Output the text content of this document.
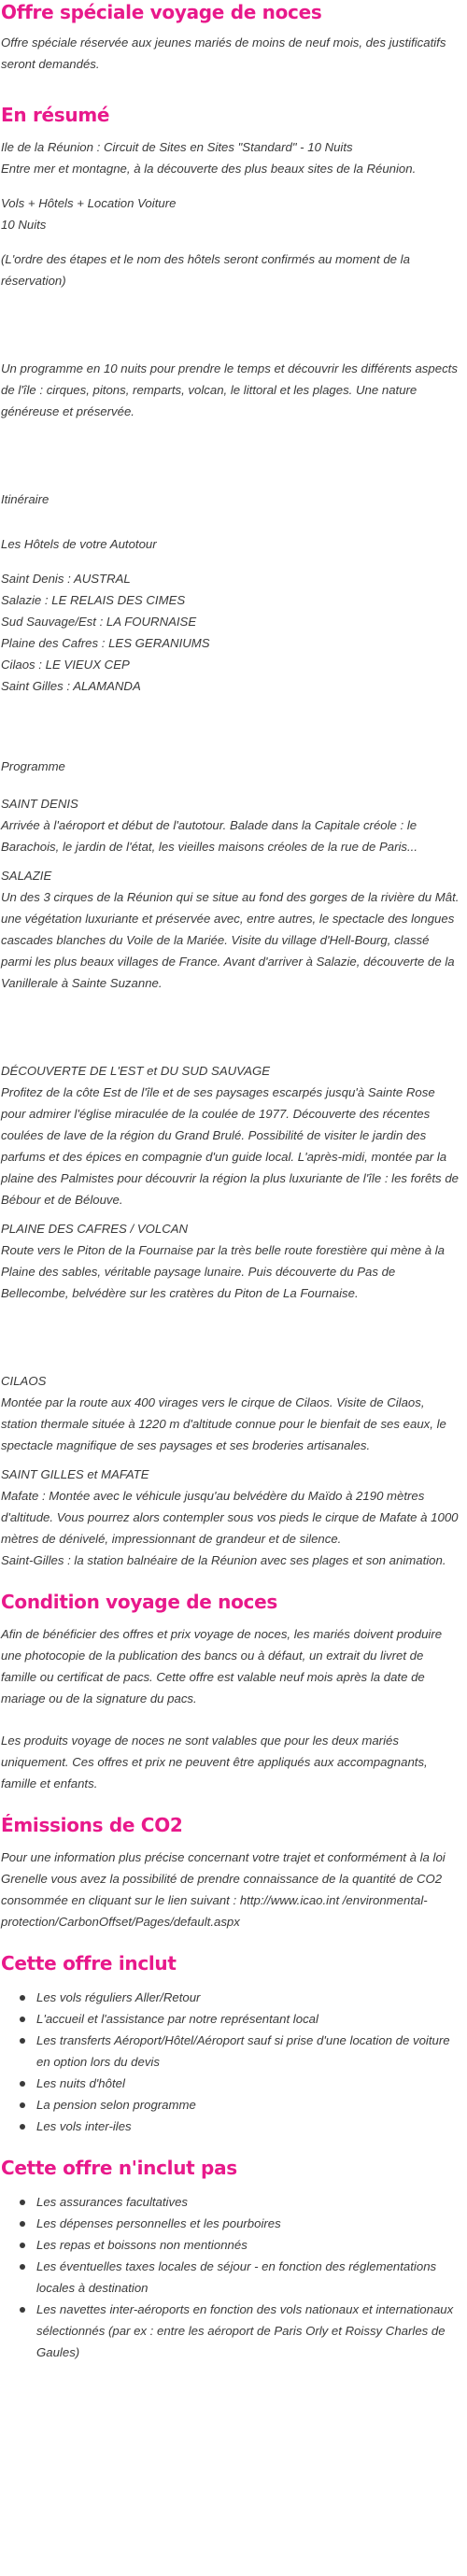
Offre spéciale voyage de noces

Offre spéciale réservée aux jeunes mariés de moins de neuf mois, des justificatifs seront demandés.

En résumé

Ile de la Réunion : Circuit de Sites en Sites "Standard" - 10 Nuits

Entre mer et montagne, à la découverte des plus beaux sites de la Réunion.

Vols + Hôtels + Location Voiture

10 Nuits

(L'ordre des étapes et le nom des hôtels seront confirmés au moment de la réservation)

Un programme en 10 nuits pour prendre le temps et découvrir les différents aspects de l'île : cirques, pitons, remparts, volcan, le littoral et les plages. Une nature généreuse et préservée.

Itinéraire

Les Hôtels de votre Autotour

Saint Denis : AUSTRAL

Salazie : LE RELAIS DES CIMES

Sud Sauvage/Est : LA FOURNAISE

Plaine des Cafres : LES GERANIUMS

Cilaos : LE VIEUX CEP

Saint Gilles : ALAMANDA

Programme

SAINT DENIS

Arrivée à l'aéroport et début de l'autotour. Balade dans la Capitale créole : le Barachois, le jardin de l'état, les vieilles maisons créoles de la rue de Paris...

SALAZIE

Un des 3 cirques de la Réunion qui se situe au fond des gorges de la rivière du Mât. une végétation luxuriante et préservée avec, entre autres, le spectacle des longues cascades blanches du Voile de la Mariée. Visite du village d'Hell-Bourg, classé parmi les plus beaux villages de France. Avant d'arriver à Salazie, découverte de la Vanillerale à Sainte Suzanne.

DÉCOUVERTE DE L'EST et DU SUD SAUVAGE

Profitez de la côte Est de l'île et de ses paysages escarpés jusqu'à Sainte Rose pour admirer l'église miraculée de la coulée de 1977. Découverte des récentes coulées de lave de la région du Grand Brulé. Possibilité de visiter le jardin des parfums et des épices en compagnie d'un guide local. L'après-midi, montée par la plaine des Palmistes pour découvrir la région la plus luxuriante de l'île : les forêts de Bébour et de Bélouve.

PLAINE DES CAFRES / VOLCAN

Route vers le Piton de la Fournaise par la très belle route forestière qui mène à la Plaine des sables, véritable paysage lunaire. Puis découverte du Pas de Bellecombe, belvédère sur les cratères du Piton de La Fournaise.

CILAOS

Montée par la route aux 400 virages vers le cirque de Cilaos. Visite de Cilaos, station thermale située à 1220 m d'altitude connue pour le bienfait de ses eaux, le spectacle magnifique de ses paysages et ses broderies artisanales.

SAINT GILLES et MAFATE

Mafate : Montée avec le véhicule jusqu'au belvédère du Maïdo à 2190 mètres d'altitude. Vous pourrez alors contempler sous vos pieds le cirque de Mafate à 1000 mètres de dénivelé, impressionnant de grandeur et de silence.

Saint-Gilles : la station balnéaire de la Réunion avec ses plages et son animation.

Condition voyage de noces

Afin de bénéficier des offres et prix voyage de noces, les mariés doivent produire une photocopie de la publication des bancs ou à défaut, un extrait du livret de famille ou certificat de pacs. Cette offre est valable neuf mois après la date de mariage ou de la signature du pacs.

Les produits voyage de noces ne sont valables que pour les deux mariés uniquement. Ces offres et prix ne peuvent être appliqués aux accompagnants, famille et enfants.

Émissions de CO2

Pour une information plus précise concernant votre trajet et conformément à la loi Grenelle vous avez la possibilité de prendre connaissance de la quantité de CO2 consommée en cliquant sur le lien suivant : http://www.icao.int /environmental-protection/CarbonOffset/Pages/default.aspx

Cette offre inclut
Les vols réguliers Aller/Retour
L'accueil et l'assistance par notre représentant local
Les transferts Aéroport/Hôtel/Aéroport sauf si prise d'une location de voiture en option lors du devis
Les nuits d'hôtel
La pension selon programme
Les vols inter-iles
Cette offre n'inclut pas
Les assurances facultatives
Les dépenses personnelles et les pourboires
Les repas et boissons non mentionnés
Les éventuelles taxes locales de séjour - en fonction des réglementations locales à destination
Les navettes inter-aéroports en fonction des vols nationaux et internationaux sélectionnés (par ex : entre les aéroport de Paris Orly et Roissy Charles de Gaules)
